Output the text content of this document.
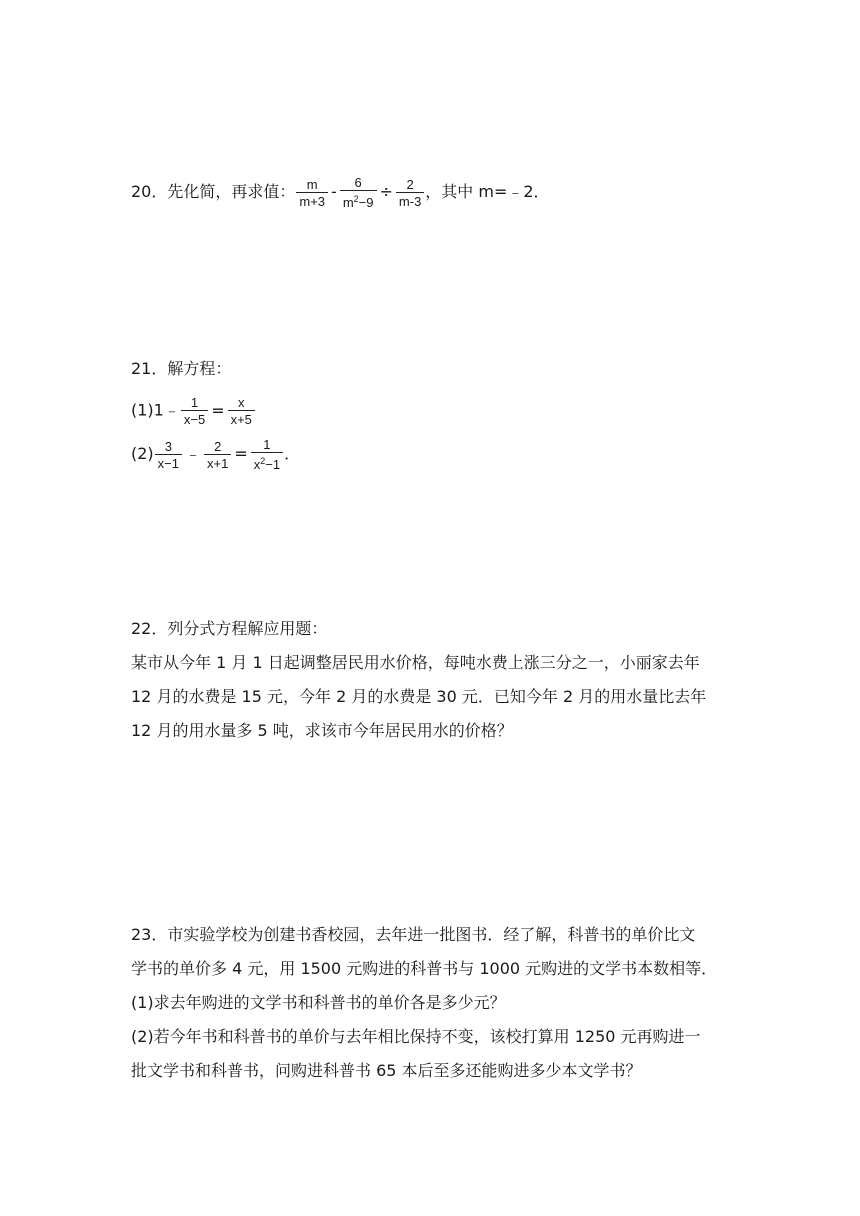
20．先化简，再求值： $\frac{m}{m+3} - \frac{6}{m^2-9} \div \frac{2}{m-3}$ ，其中 m=﹣2．
21．解方程：
(1)1﹣ $\frac{1}{x-5} = \frac{x}{x+5}$
$(2) \frac{3}{x-1}$ ﹣ $\frac{2}{x+1} = \frac{1}{x^2-1}$ ．
22．列分式方程解应用题：
某市从今年 1 月 1 日起调整居民用水价格，每吨水费上涨三分之一，小丽家去年
12 月的水费是 15 元，今年 2 月的水费是 30 元．已知今年 2 月的用水量比去年
12 月的用水量多 5 吨，求该市今年居民用水的价格？
23．市实验学校为创建书香校园，去年进一批图书．经了解，科普书的单价比文
学书的单价多 4 元，用 1500 元购进的科普书与 1000 元购进的文学书本数相等．
(1)求去年购进的文学书和科普书的单价各是多少元？
(2)若今年书和科普书的单价与去年相比保持不变，该校打算用 1250 元再购进一
批文学书和科普书，问购进科普书 65 本后至多还能购进多少本文学书？
